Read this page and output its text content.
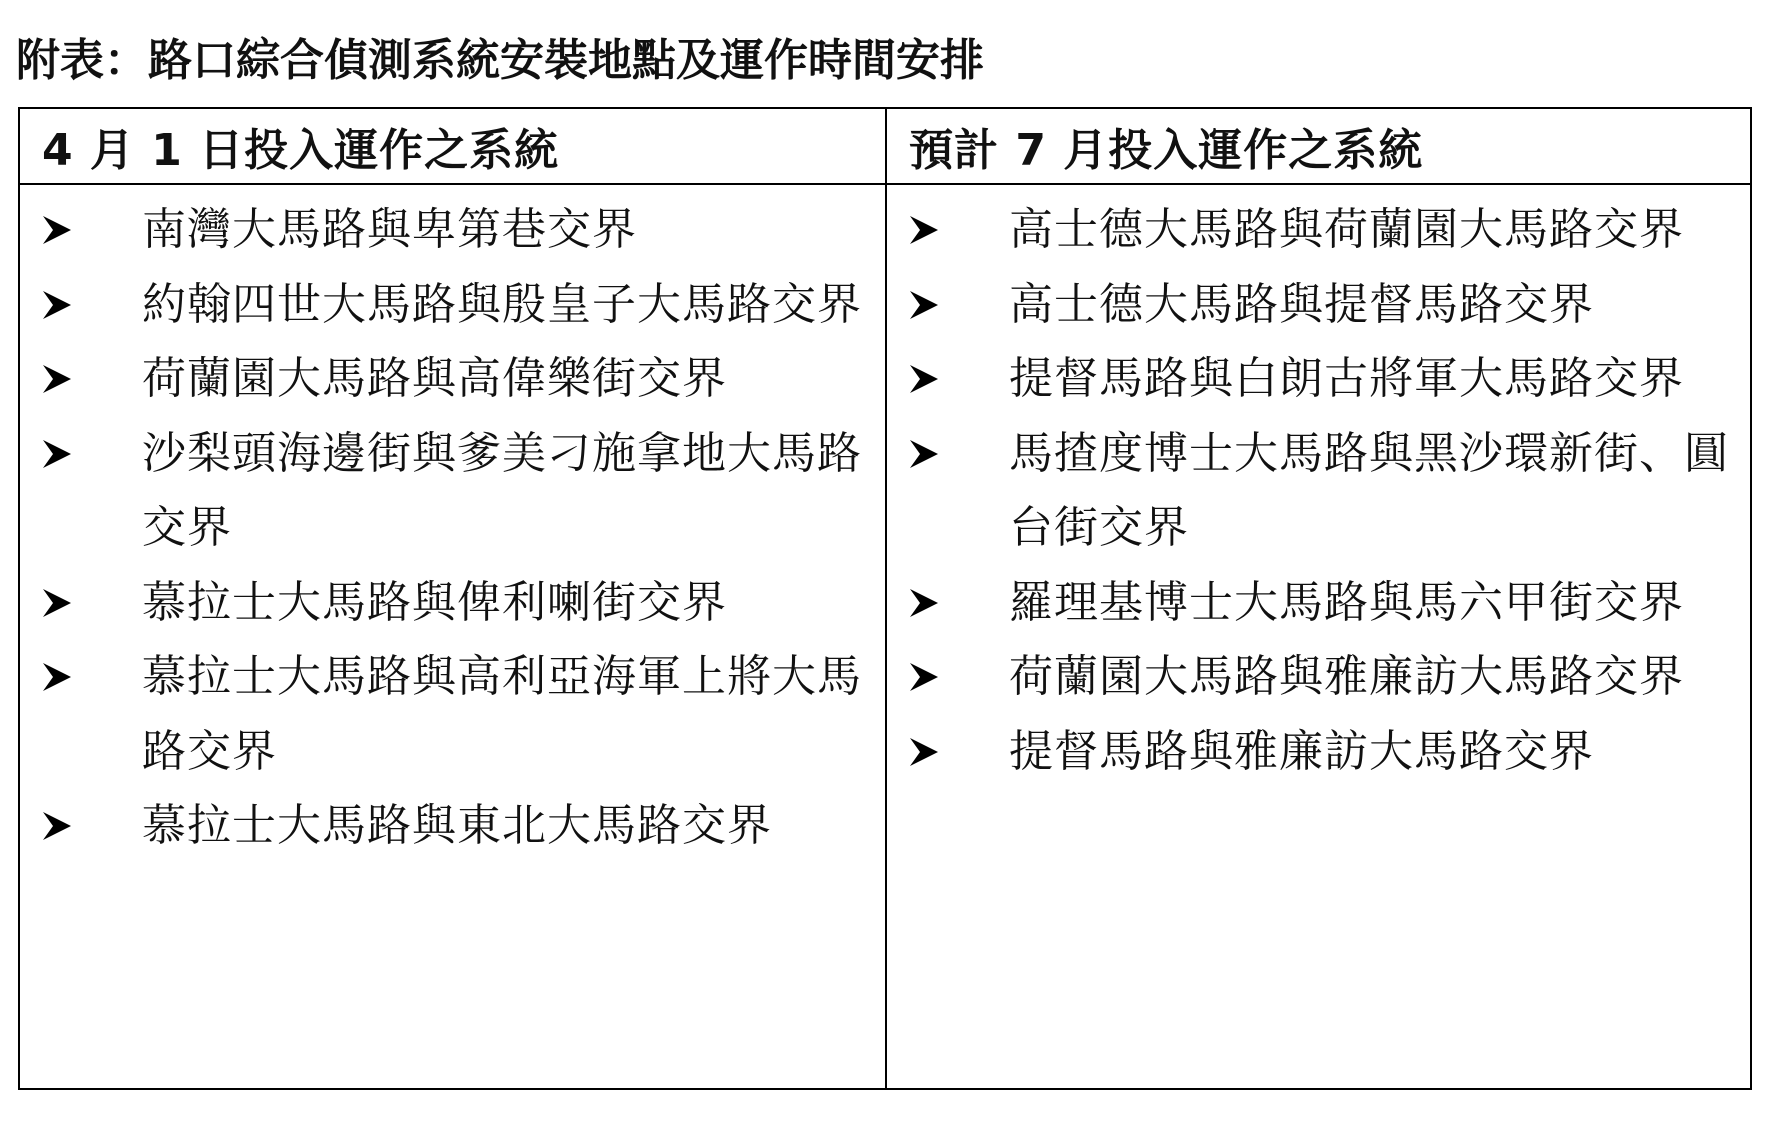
附表：路口綜合偵測系統安裝地點及運作時間安排
4 月 1 日投入運作之系統
南灣大馬路與卑第巷交界
約翰四世大馬路與殷皇子大馬路交界
荷蘭園大馬路與高偉樂街交界
沙梨頭海邊街與爹美刁施拿地大馬路交界
慕拉士大馬路與俾利喇街交界
慕拉士大馬路與高利亞海軍上將大馬路交界
慕拉士大馬路與東北大馬路交界
預計 7 月投入運作之系統
高士德大馬路與荷蘭園大馬路交界
高士德大馬路與提督馬路交界
提督馬路與白朗古將軍大馬路交界
馬揸度博士大馬路與黑沙環新街、圓台街交界
羅理基博士大馬路與馬六甲街交界
荷蘭園大馬路與雅廉訪大馬路交界
提督馬路與雅廉訪大馬路交界
